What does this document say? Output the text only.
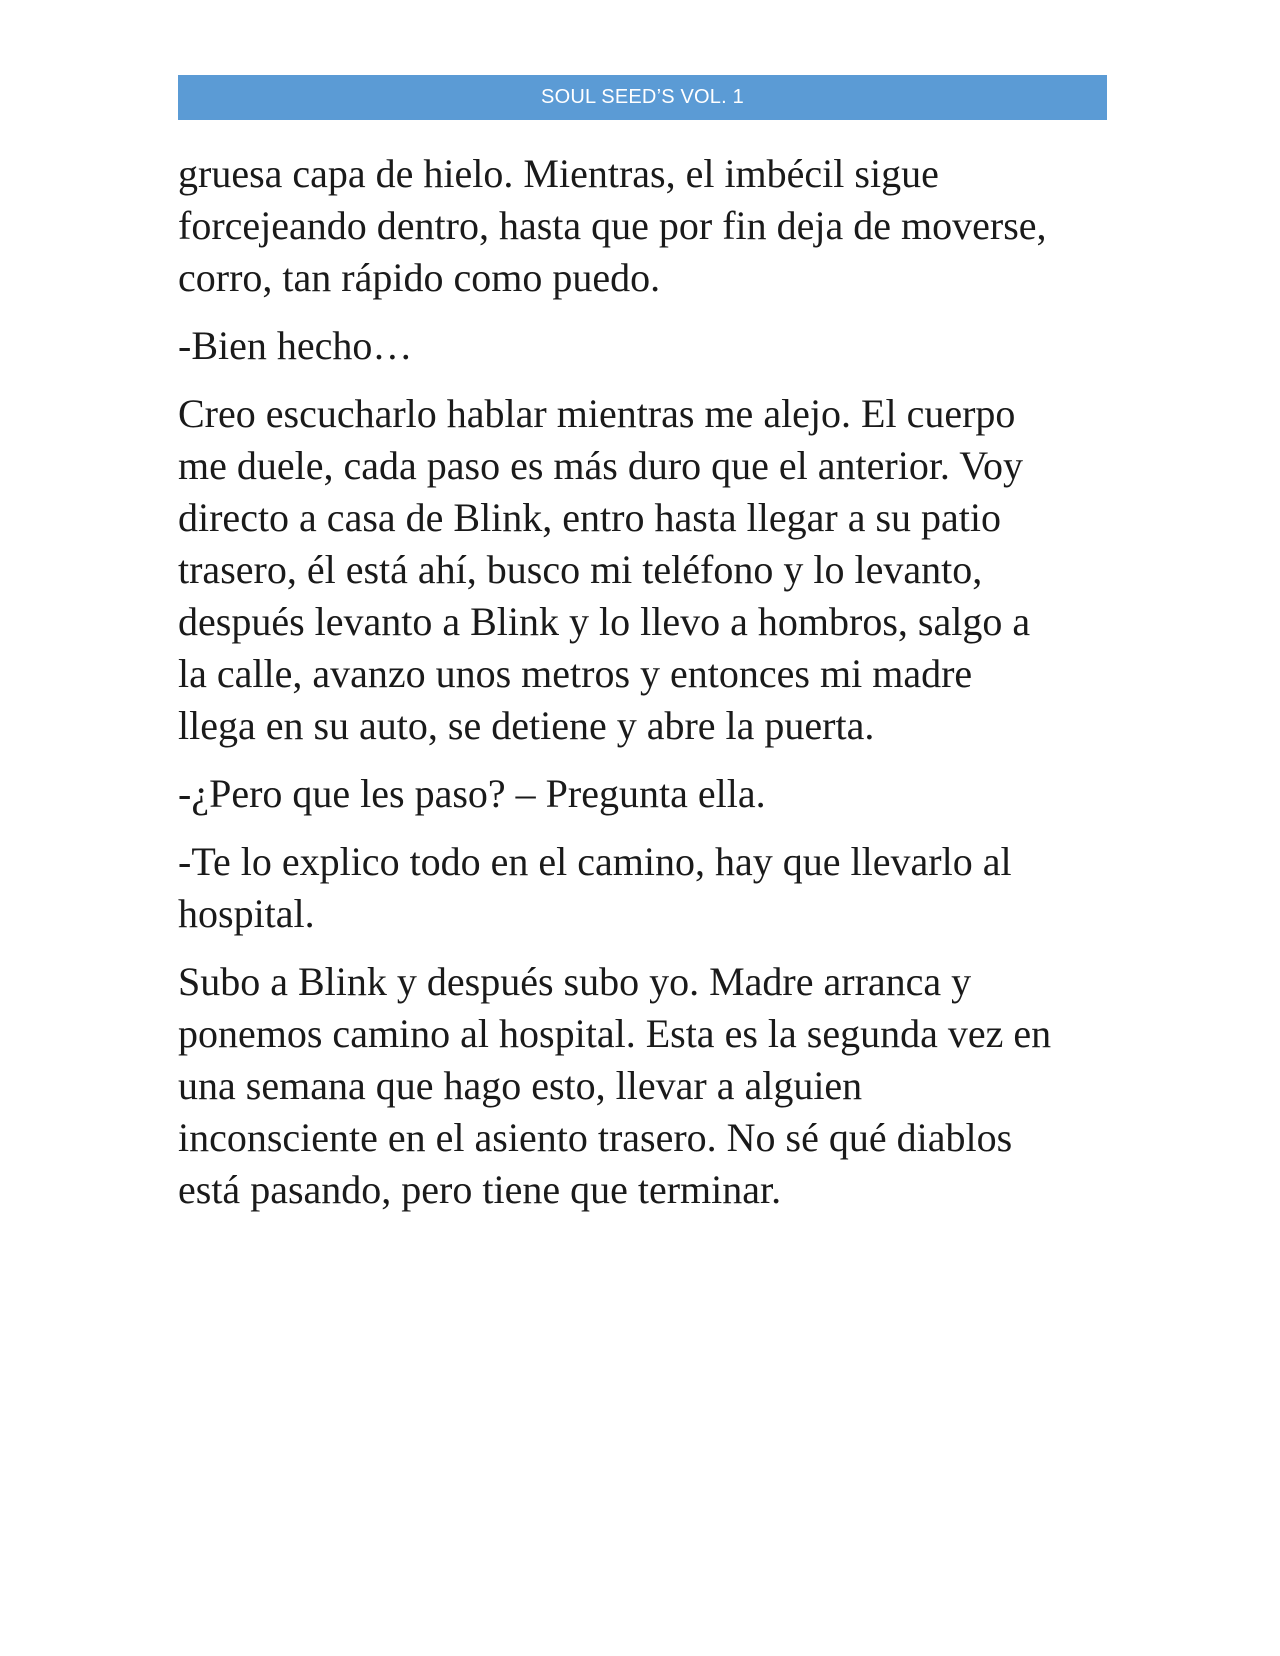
SOUL SEED’S VOL. 1

gruesa capa de hielo. Mientras, el imbécil sigue
forcejeando dentro, hasta que por fin deja de moverse,
corro, tan rápido como puedo.

-Bien hecho…

Creo escucharlo hablar mientras me alejo. El cuerpo
me duele, cada paso es más duro que el anterior. Voy
directo a casa de Blink, entro hasta llegar a su patio
trasero, él está ahí, busco mi teléfono y lo levanto,
después levanto a Blink y lo llevo a hombros, salgo a
la calle, avanzo unos metros y entonces mi madre
llega en su auto, se detiene y abre la puerta.

-¿Pero que les paso? – Pregunta ella.

-Te lo explico todo en el camino, hay que llevarlo al
hospital.

Subo a Blink y después subo yo. Madre arranca y
ponemos camino al hospital. Esta es la segunda vez en
una semana que hago esto, llevar a alguien
inconsciente en el asiento trasero. No sé qué diablos
está pasando, pero tiene que terminar.
